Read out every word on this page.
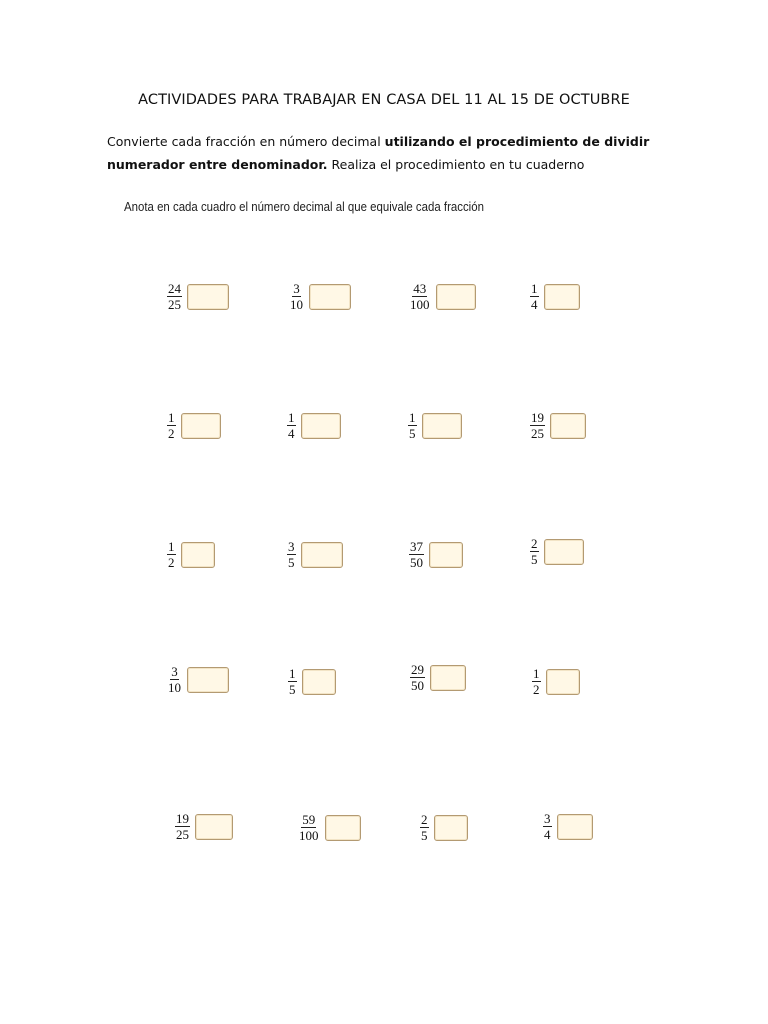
ACTIVIDADES PARA TRABAJAR EN CASA DEL 11 AL 15 DE OCTUBRE
Convierte cada fracción en número decimal utilizando el procedimiento de dividir numerador entre denominador. Realiza el procedimiento en tu cuaderno
Anota en cada cuadro el número decimal al que equivale cada fracción
$\frac{24}{25}$	$\frac{3}{10}$	$\frac{43}{100}$	$\frac{1}{4}$
$\frac{1}{2}$	$\frac{1}{4}$	$\frac{1}{5}$	$\frac{19}{25}$
$\frac{1}{2}$	$\frac{3}{5}$	$\frac{37}{50}$	$\frac{2}{5}$
$\frac{3}{10}$	$\frac{1}{5}$	$\frac{29}{50}$	$\frac{1}{2}$
$\frac{19}{25}$	$\frac{59}{100}$	$\frac{2}{5}$	$\frac{3}{4}$
